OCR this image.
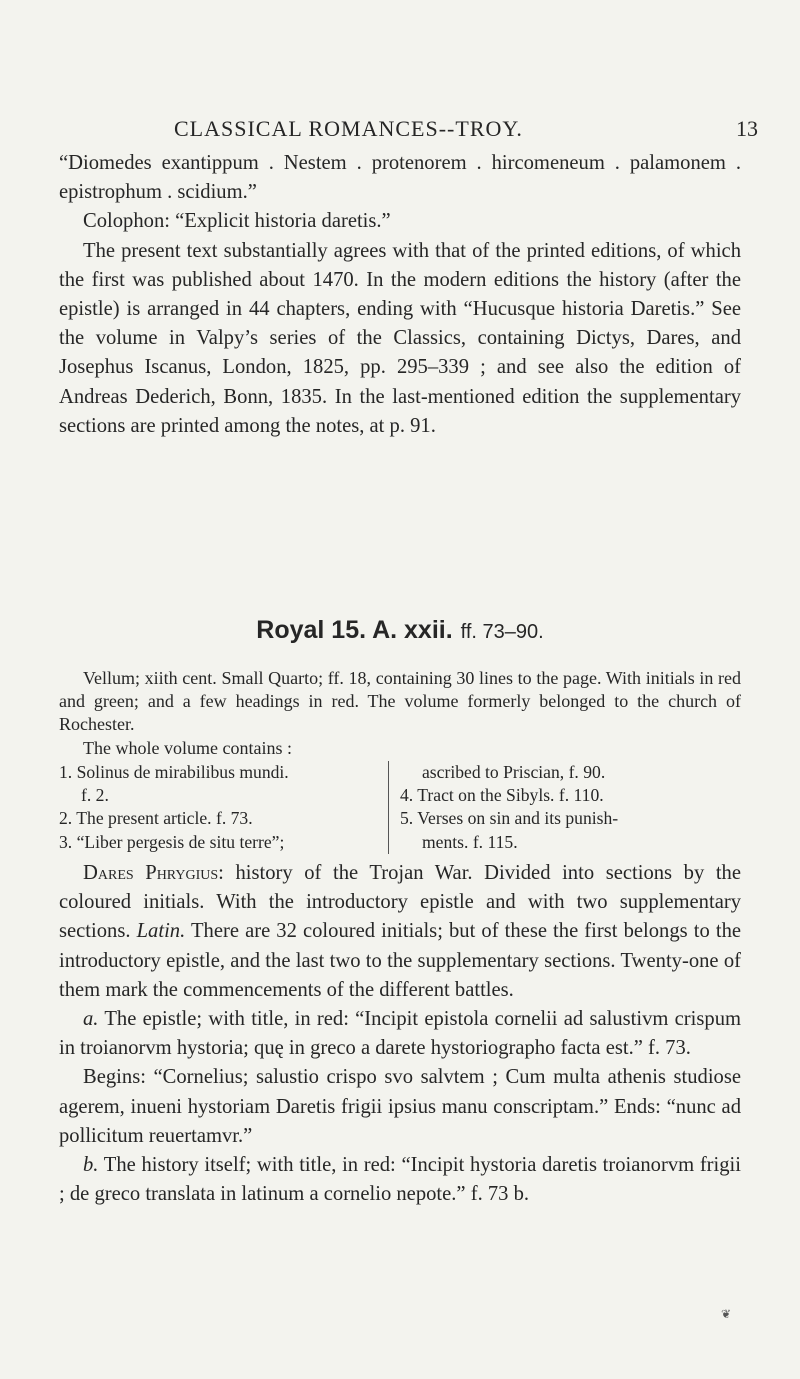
CLASSICAL ROMANCES--TROY.	13

“Diomedes exantippum . Nestem . protenorem . hircomeneum . palamonem . epistrophum . scidium.”

Colophon: “Explicit historia daretis.”

The present text substantially agrees with that of the printed editions, of which the first was published about 1470. In the modern editions the history (after the epistle) is arranged in 44 chapters, ending with “Hucusque historia Daretis.” See the volume in Valpy’s series of the Classics, containing Dictys, Dares, and Josephus Iscanus, London, 1825, pp. 295–339 ; and see also the edition of Andreas Dederich, Bonn, 1835. In the last-mentioned edition the supplementary sections are printed among the notes, at p. 91.

Royal 15. A. xxii. ff. 73–90.

Vellum; xiith cent. Small Quarto; ff. 18, containing 30 lines to the page. With initials in red and green; and a few headings in red. The volume formerly belonged to the church of Rochester.

The whole volume contains :

1. Solinus de mirabilibus mundi.
f. 2.
2. The present article. f. 73.
3. “Liber pergesis de situ terre”;
ascribed to Priscian, f. 90.
4. Tract on the Sibyls. f. 110.
5. Verses on sin and its punish-
ments. f. 115.

Dares Phrygius: history of the Trojan War. Divided into sections by the coloured initials. With the introductory epistle and with two supplementary sections. Latin. There are 32 coloured initials; but of these the first belongs to the introductory epistle, and the last two to the supplementary sections. Twenty-one of them mark the commencements of the different battles.

a. The epistle; with title, in red: “Incipit epistola cornelii ad salustivm crispum in troianorvm hystoria; quę in greco a darete hystoriographo facta est.” f. 73.

Begins: “Cornelius; salustio crispo svo salvtem ; Cum multa athenis studiose agerem, inueni hystoriam Daretis frigii ipsius manu conscriptam.” Ends: “nunc ad pollicitum reuertamvr.”

b. The history itself; with title, in red: “Incipit hystoria daretis troianorvm frigii ; de greco translata in latinum a cornelio nepote.” f. 73 b.

❦
